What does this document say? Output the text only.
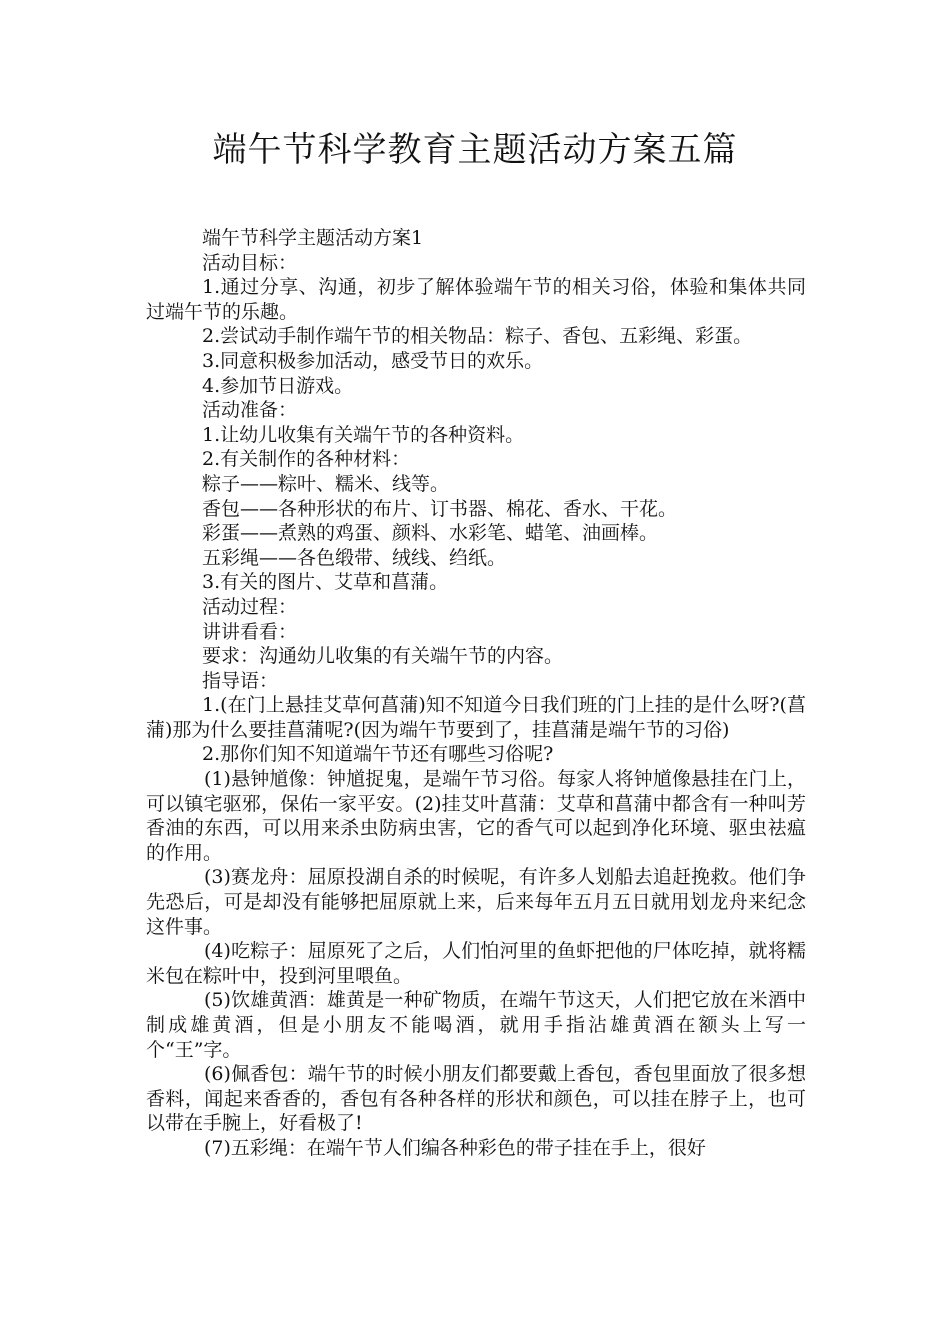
端午节科学教育主题活动方案五篇

端午节科学主题活动方案1

活动目标：

1.通过分享、沟通，初步了解体验端午节的相关习俗，体验和集体共同过端午节的乐趣。

2.尝试动手制作端午节的相关物品：粽子、香包、五彩绳、彩蛋。

3.同意积极参加活动，感受节日的欢乐。

4.参加节日游戏。

活动准备：

1.让幼儿收集有关端午节的各种资料。

2.有关制作的各种材料：

粽子——粽叶、糯米、线等。

香包——各种形状的布片、订书器、棉花、香水、干花。

彩蛋——煮熟的鸡蛋、颜料、水彩笔、蜡笔、油画棒。

五彩绳——各色缎带、绒线、绉纸。

3.有关的图片、艾草和菖蒲。

活动过程：

讲讲看看：

要求：沟通幼儿收集的有关端午节的内容。

指导语：

1.(在门上悬挂艾草何菖蒲)知不知道今日我们班的门上挂的是什么呀?(菖蒲)那为什么要挂菖蒲呢?(因为端午节要到了，挂菖蒲是端午节的习俗)

2.那你们知不知道端午节还有哪些习俗呢?

(1)悬钟馗像：钟馗捉鬼，是端午节习俗。每家人将钟馗像悬挂在门上，可以镇宅驱邪，保佑一家平安。(2)挂艾叶菖蒲：艾草和菖蒲中都含有一种叫芳香油的东西，可以用来杀虫防病虫害，它的香气可以起到净化环境、驱虫祛瘟的作用。

(3)赛龙舟：屈原投湖自杀的时候呢，有许多人划船去追赶挽救。他们争先恐后，可是却没有能够把屈原就上来，后来每年五月五日就用划龙舟来纪念这件事。

(4)吃粽子：屈原死了之后，人们怕河里的鱼虾把他的尸体吃掉，就将糯米包在粽叶中，投到河里喂鱼。

(5)饮雄黄酒：雄黄是一种矿物质，在端午节这天，人们把它放在米酒中制成雄黄酒，但是小朋友不能喝酒，就用手指沾雄黄酒在额头上写一个“王”字。

(6)佩香包：端午节的时候小朋友们都要戴上香包，香包里面放了很多想香料，闻起来香香的，香包有各种各样的形状和颜色，可以挂在脖子上，也可以带在手腕上，好看极了!

(7)五彩绳：在端午节人们编各种彩色的带子挂在手上，很好
